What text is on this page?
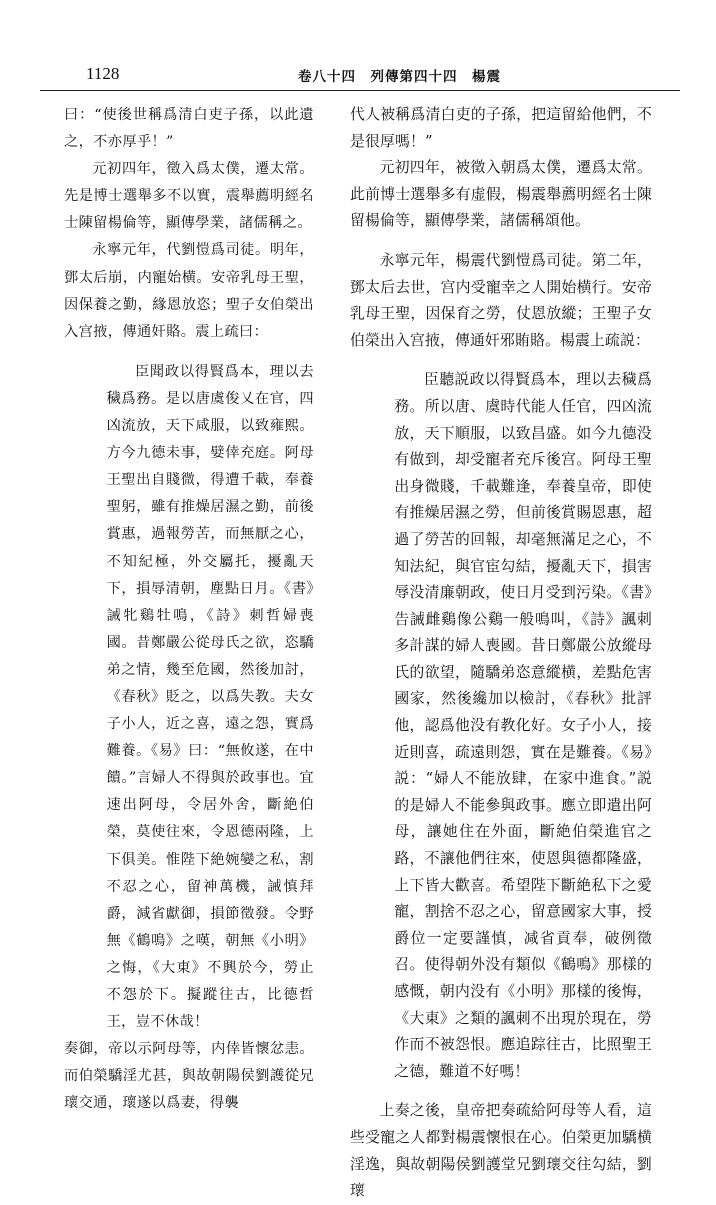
1128	卷八十四　列傳第四十四　楊震

曰：“使後世稱爲清白吏子孫，以此遺之，不亦厚乎！”

元初四年，徵入爲太僕，遷太常。先是博士選舉多不以實，震舉薦明經名士陳留楊倫等，顯傳學業，諸儒稱之。

永寧元年，代劉愷爲司徒。明年，鄧太后崩，内寵始横。安帝乳母王聖，因保養之勤，緣恩放恣；聖子女伯榮出入宫掖，傳通奸賂。震上疏曰：

臣聞政以得賢爲本，理以去穢爲務。是以唐虞俊乂在官，四凶流放，天下咸服，以致雍熙。方今九德未事，嬖倖充庭。阿母王聖出自賤微，得遭千載，奉養聖躬，雖有推燥居濕之勤，前後賞惠，過報勞苦，而無厭之心，不知紀極，外交屬托，擾亂天下，損辱清朝，塵點日月。《書》誡牝鷄牡鳴，《詩》刺哲婦喪國。昔鄭嚴公從母氏之欲，恣驕弟之情，幾至危國，然後加討，《春秋》貶之，以爲失教。夫女子小人，近之喜，遠之怨，實爲難養。《易》曰：“無攸遂，在中饋。”言婦人不得與於政事也。宜速出阿母，令居外舍，斷絶伯榮，莫使往來，令恩德兩隆，上下俱美。惟陛下絶婉孌之私，割不忍之心，留神萬機，誡慎拜爵，減省獻御，損節徵發。令野無《鶴鳴》之嘆，朝無《小明》之悔，《大東》不興於今，勞止不怨於下。擬蹤往古，比德哲王，豈不休哉！

奏御，帝以示阿母等，内倖皆懷忿恚。而伯榮驕淫尤甚，與故朝陽侯劉護從兄瓌交通，瓌遂以爲妻，得襲

代人被稱爲清白吏的子孫，把這留給他們，不是很厚嗎！”

元初四年，被徵入朝爲太僕，遷爲太常。此前博士選舉多有虚假，楊震舉薦明經名士陳留楊倫等，顯傳學業，諸儒稱頌他。

永寧元年，楊震代劉愷爲司徒。第二年，鄧太后去世，宫内受寵幸之人開始横行。安帝乳母王聖，因保育之勞，仗恩放縱；王聖子女伯榮出入宫掖，傳通奸邪賄賂。楊震上疏説：

臣聽説政以得賢爲本，理以去穢爲務。所以唐、虞時代能人任官，四凶流放，天下順服，以致昌盛。如今九德没有做到，却受寵者充斥後宫。阿母王聖出身微賤，千載難逢，奉養皇帝，即使有推燥居濕之勞，但前後賞賜恩惠，超過了勞苦的回報，却毫無滿足之心，不知法紀，與官宦勾結，擾亂天下，損害辱没清廉朝政，使日月受到污染。《書》告誡雌鷄像公鷄一般鳴叫，《詩》諷刺多計謀的婦人喪國。昔日鄭嚴公放縱母氏的欲望，隨驕弟恣意縱横，差點危害國家，然後纔加以檢討，《春秋》批評他，認爲他没有教化好。女子小人，接近則喜，疏遠則怨，實在是難養。《易》説：“婦人不能放肆，在家中進食。”説的是婦人不能參與政事。應立即遣出阿母，讓她住在外面，斷絶伯榮進官之路，不讓他們往來，使恩與德都隆盛，上下皆大歡喜。希望陛下斷絶私下之愛寵，割捨不忍之心，留意國家大事，授爵位一定要謹慎，减省貢奉，破例徵召。使得朝外没有類似《鶴鳴》那樣的感慨，朝内没有《小明》那樣的後悔，《大東》之類的諷刺不出現於現在，勞作而不被怨恨。應追踪往古，比照聖王之德，難道不好嗎！

上奏之後，皇帝把奏疏給阿母等人看，這些受寵之人都對楊震懷恨在心。伯榮更加驕横淫逸，與故朝陽侯劉護堂兄劉瓌交往勾結，劉瓌
